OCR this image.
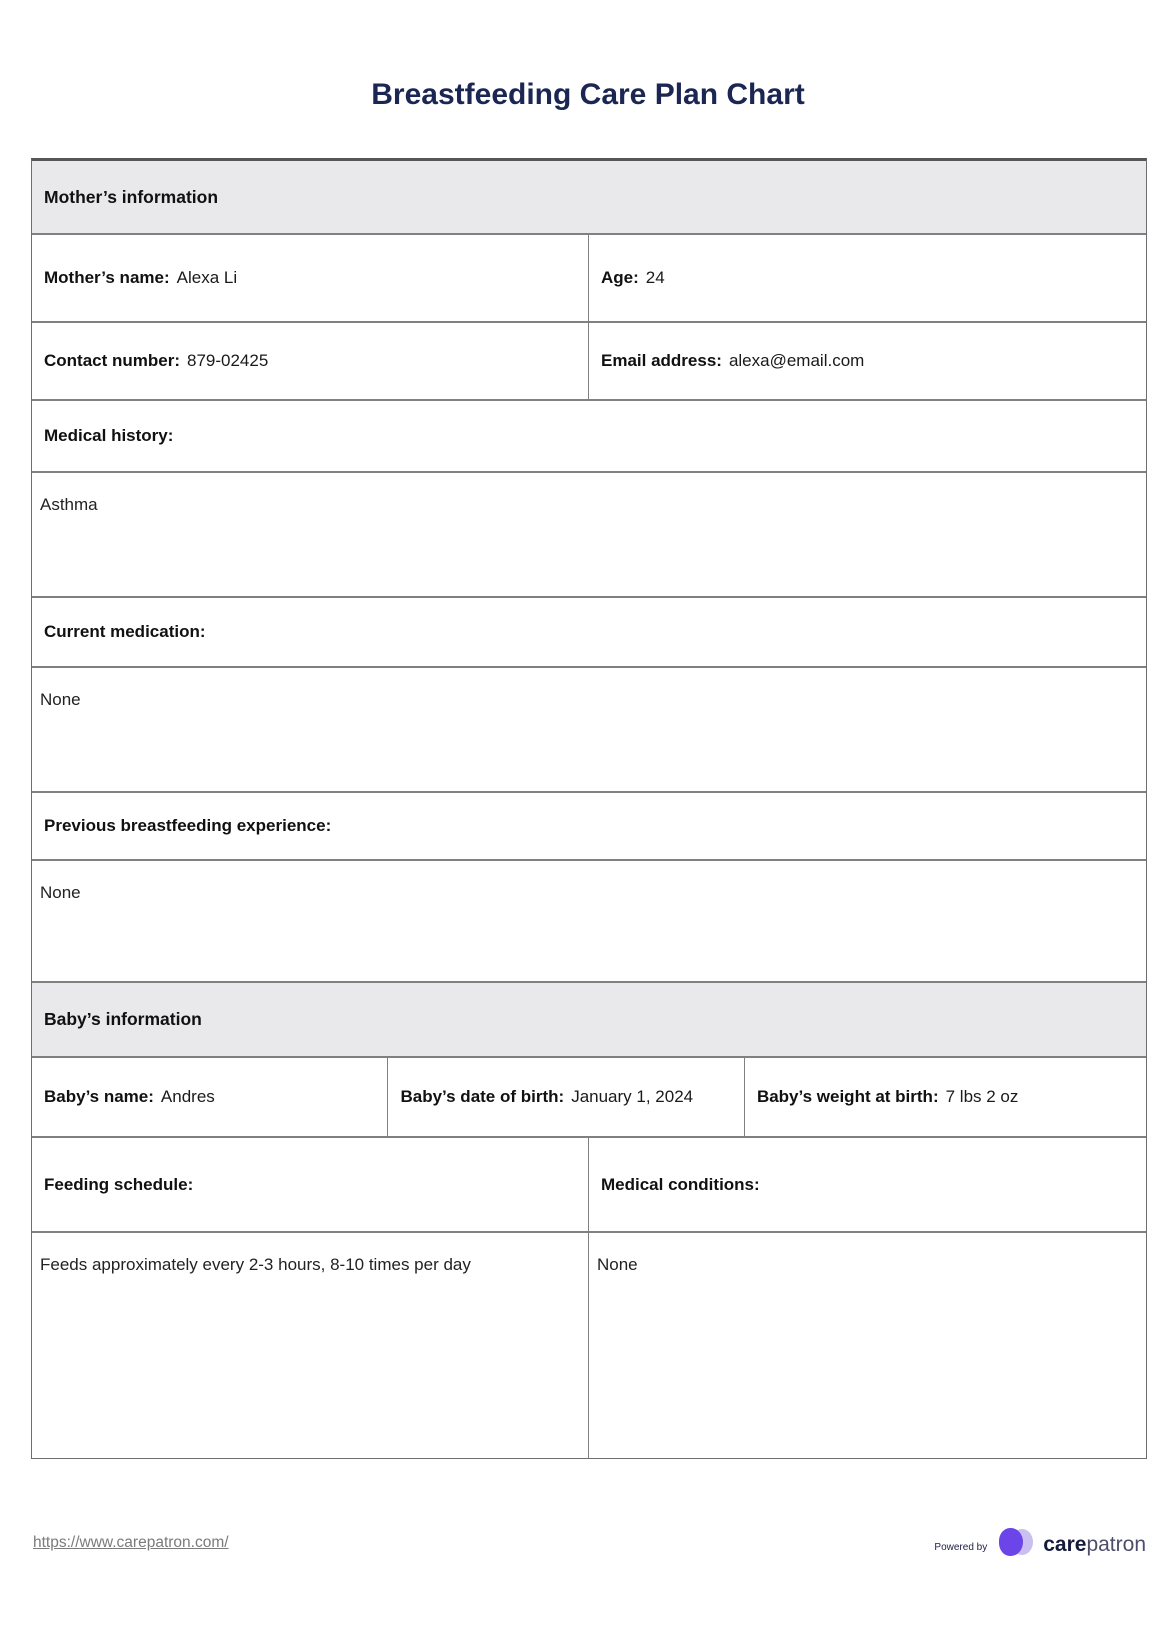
Breastfeeding Care Plan Chart
Mother’s information
Mother’s name: Alexa Li	Age: 24
Contact number: 879-02425	Email address: alexa@email.com
Medical history:
Asthma
Current medication:
None
Previous breastfeeding experience:
None
Baby’s information
Baby’s name: Andres	Baby’s date of birth: January 1, 2024	Baby’s weight at birth: 7 lbs 2 oz
Feeding schedule:	Medical conditions:
Feeds approximately every 2-3 hours, 8-10 times per day	None
https://www.carepatron.com/	Powered by	carepatron
